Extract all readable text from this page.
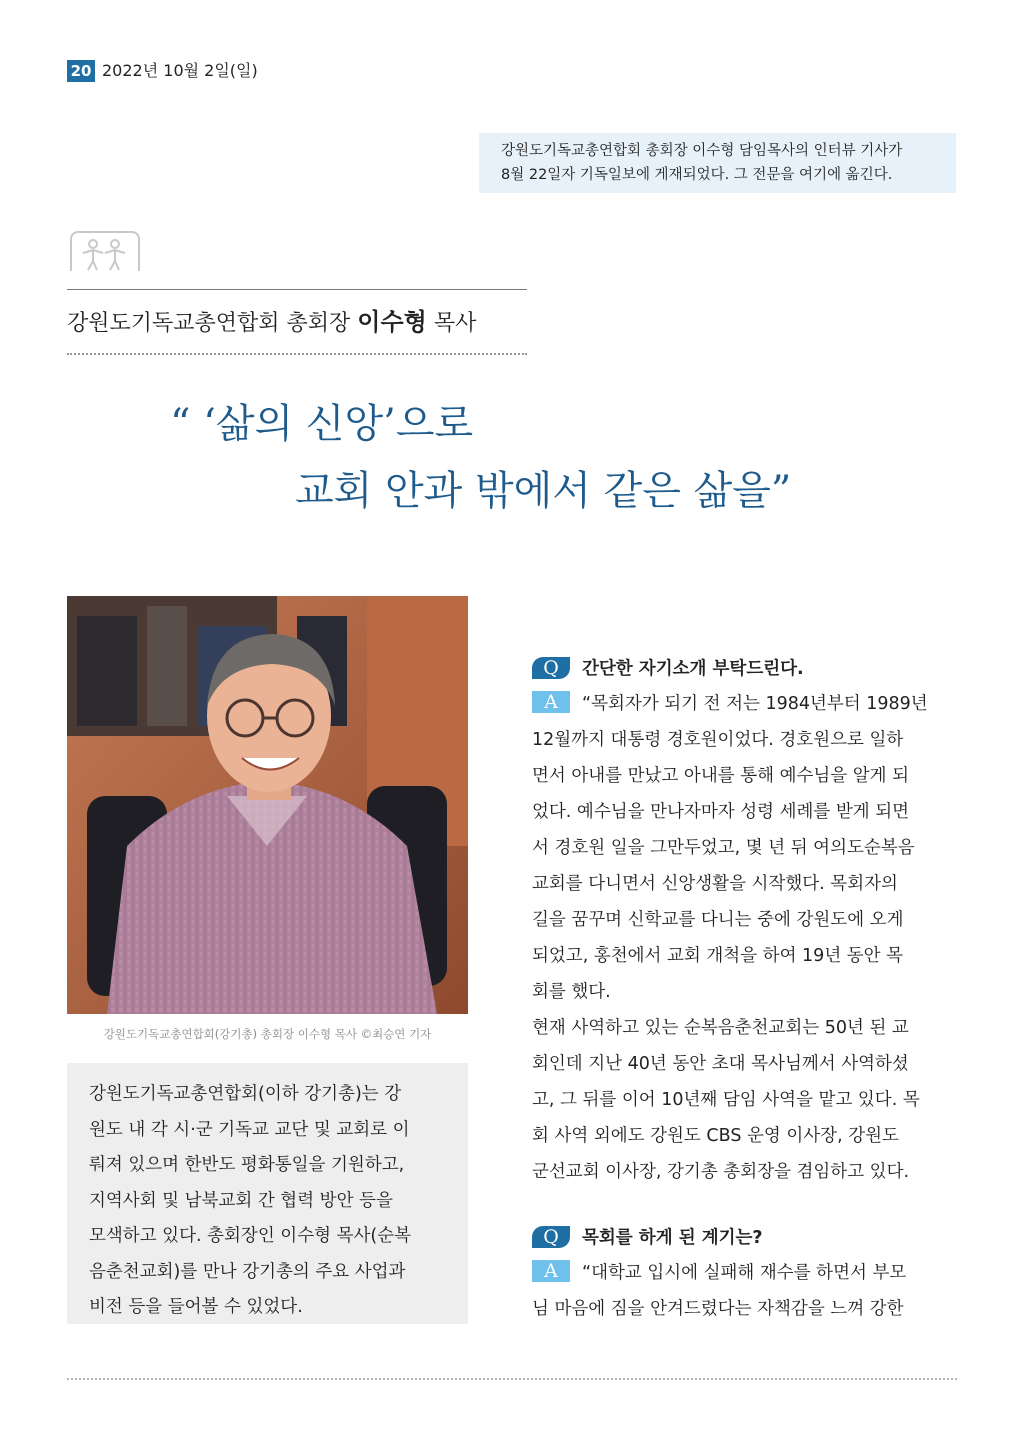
20 2022년 10월 2일(일)

강원도기독교총연합회 총회장 이수형 담임목사의 인터뷰 기사가

8월 22일자 기독일보에 게재되었다. 그 전문을 여기에 옮긴다.

강원도기독교총연합회 총회장 이수형 목사
“ ‘삶의 신앙’으로
교회 안과 밖에서 같은 삶을”
강원도기독교총연합회(강기총) 총회장 이수형 목사 ©최승연 기자

강원도기독교총연합회(이하 강기총)는 강

원도 내 각 시·군 기독교 교단 및 교회로 이

뤄져 있으며 한반도 평화통일을 기원하고,

지역사회 및 남북교회 간 협력 방안 등을

모색하고 있다. 총회장인 이수형 목사(순복

음춘천교회)를 만나 강기총의 주요 사업과

비전 등을 들어볼 수 있었다.

Q 간단한 자기소개 부탁드린다.
A “목회자가 되기 전 저는 1984년부터 1989년
12월까지 대통령 경호원이었다. 경호원으로 일하
면서 아내를 만났고 아내를 통해 예수님을 알게 되
었다. 예수님을 만나자마자 성령 세례를 받게 되면
서 경호원 일을 그만두었고, 몇 년 뒤 여의도순복음
교회를 다니면서 신앙생활을 시작했다. 목회자의
길을 꿈꾸며 신학교를 다니는 중에 강원도에 오게
되었고, 홍천에서 교회 개척을 하여 19년 동안 목
회를 했다.
현재 사역하고 있는 순복음춘천교회는 50년 된 교
회인데 지난 40년 동안 초대 목사님께서 사역하셨
고, 그 뒤를 이어 10년째 담임 사역을 맡고 있다. 목
회 사역 외에도 강원도 CBS 운영 이사장, 강원도
군선교회 이사장, 강기총 총회장을 겸임하고 있다.
Q 목회를 하게 된 계기는?
A “대학교 입시에 실패해 재수를 하면서 부모
님 마음에 짐을 안겨드렸다는 자책감을 느껴 강한
